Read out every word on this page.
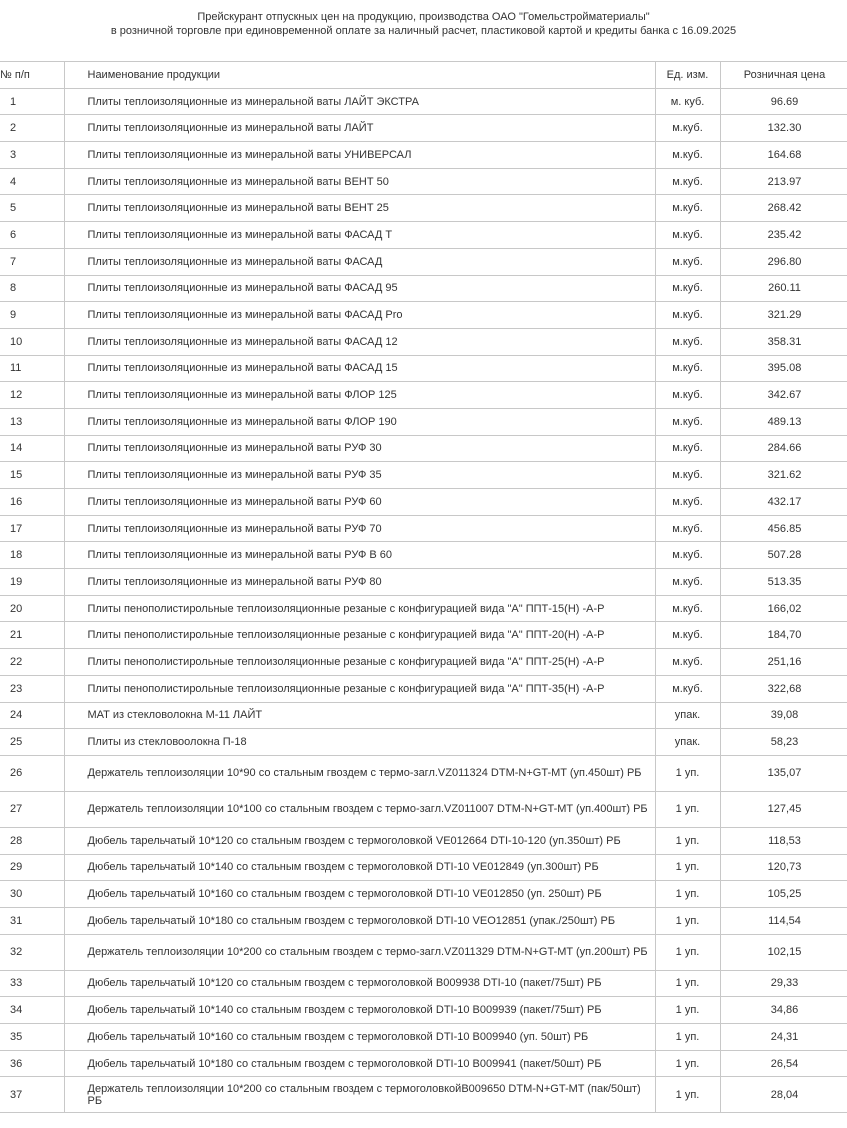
Прейскурант отпускных цен на продукцию, производства ОАО "Гомельстройматериалы"
в розничной торговле при единовременной оплате за наличный расчет, пластиковой картой и кредиты банка с 16.09.2025
№ п/п	Наименование продукции	Ед. изм.	Розничная цена
1	Плиты теплоизоляционные из минеральной ваты ЛАЙТ ЭКСТРА	м. куб.	96.69
2	Плиты теплоизоляционные из минеральной ваты ЛАЙТ	м.куб.	132.30
3	Плиты теплоизоляционные из минеральной ваты УНИВЕРСАЛ	м.куб.	164.68
4	Плиты теплоизоляционные из минеральной ваты ВЕНТ 50	м.куб.	213.97
5	Плиты теплоизоляционные из минеральной ваты ВЕНТ 25	м.куб.	268.42
6	Плиты теплоизоляционные из минеральной ваты ФАСАД Т	м.куб.	235.42
7	Плиты теплоизоляционные из минеральной ваты ФАСАД	м.куб.	296.80
8	Плиты теплоизоляционные из минеральной ваты ФАСАД 95	м.куб.	260.11
9	Плиты теплоизоляционные из минеральной ваты ФАСАД Pro	м.куб.	321.29
10	Плиты теплоизоляционные из минеральной ваты ФАСАД 12	м.куб.	358.31
11	Плиты теплоизоляционные из минеральной ваты ФАСАД 15	м.куб.	395.08
12	Плиты теплоизоляционные из минеральной ваты ФЛОР 125	м.куб.	342.67
13	Плиты теплоизоляционные из минеральной ваты ФЛОР 190	м.куб.	489.13
14	Плиты теплоизоляционные из минеральной ваты РУФ 30	м.куб.	284.66
15	Плиты теплоизоляционные из минеральной ваты РУФ 35	м.куб.	321.62
16	Плиты теплоизоляционные из минеральной ваты РУФ 60	м.куб.	432.17
17	Плиты теплоизоляционные из минеральной ваты РУФ 70	м.куб.	456.85
18	Плиты теплоизоляционные из минеральной ваты РУФ В 60	м.куб.	507.28
19	Плиты теплоизоляционные из минеральной ваты РУФ 80	м.куб.	513.35
20	Плиты пенополистирольные теплоизоляционные резаные с конфигурацией вида "А" ППТ-15(Н) -А-Р	м.куб.	166,02
21	Плиты пенополистирольные теплоизоляционные резаные с конфигурацией вида "А" ППТ-20(Н) -А-Р	м.куб.	184,70
22	Плиты пенополистирольные теплоизоляционные резаные с конфигурацией вида "А" ППТ-25(Н) -А-Р	м.куб.	251,16
23	Плиты пенополистирольные теплоизоляционные резаные с конфигурацией вида "А" ППТ-35(Н) -А-Р	м.куб.	322,68
24	МАТ из стекловолокна М-11 ЛАЙТ	упак.	39,08
25	Плиты из стекловоолокна П-18	упак.	58,23
26	Держатель теплоизоляции 10*90 со стальным гвоздем с термо-загл.VZ011324 DTM-N+GT-MT (уп.450шт) РБ	1 уп.	135,07
27	Держатель теплоизоляции 10*100 со стальным гвоздем с термо-загл.VZ011007 DTM-N+GT-MT (уп.400шт) РБ	1 уп.	127,45
28	Дюбель тарельчатый 10*120 со стальным гвоздем с термоголовкой VE012664 DTI-10-120 (уп.350шт) РБ	1 уп.	118,53
29	Дюбель тарельчатый 10*140 со стальным гвоздем с термоголовкой DTI-10 VE012849 (уп.300шт) РБ	1 уп.	120,73
30	Дюбель тарельчатый 10*160 со стальным гвоздем с термоголовкой DTI-10 VE012850 (уп. 250шт) РБ	1 уп.	105,25
31	Дюбель тарельчатый 10*180 со стальным гвоздем с термоголовкой DTI-10 VEO12851 (упак./250шт) РБ	1 уп.	114,54
32	Держатель теплоизоляции 10*200 со стальным гвоздем с термо-загл.VZ011329 DTM-N+GT-MT (уп.200шт) РБ	1 уп.	102,15
33	Дюбель тарельчатый 10*120 со стальным гвоздем с термоголовкой В009938 DTI-10 (пакет/75шт) РБ	1 уп.	29,33
34	Дюбель тарельчатый 10*140 со стальным гвоздем с термоголовкой DTI-10 В009939 (пакет/75шт) РБ	1 уп.	34,86
35	Дюбель тарельчатый 10*160 со стальным гвоздем с термоголовкой DTI-10 В009940 (уп. 50шт) РБ	1 уп.	24,31
36	Дюбель тарельчатый 10*180 со стальным гвоздем с термоголовкой DTI-10 В009941 (пакет/50шт) РБ	1 уп.	26,54
37	Держатель теплоизоляции 10*200 со стальным гвоздем с термоголовкойВ009650 DTM-N+GT-MT (пак/50шт) РБ	1 уп.	28,04
